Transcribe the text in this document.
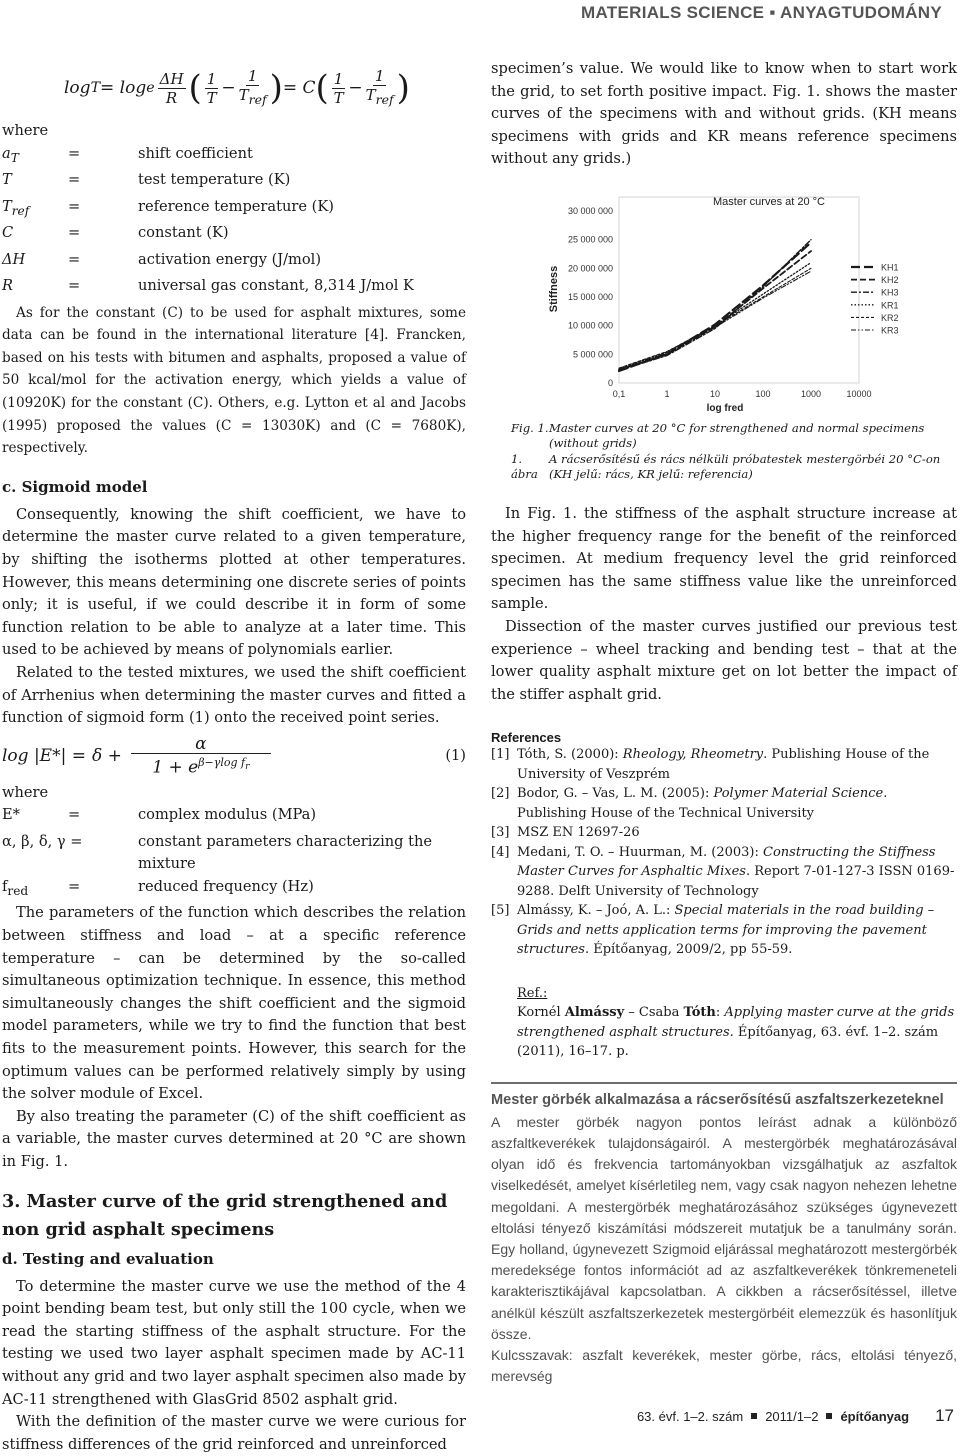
MATERIALS SCIENCE ▪ ANYAGTUDOMÁNY
log T = log e $\frac{\Delta H}{R}$ ( $\frac{1}{T} - \frac{1}{T_{ref}}$ ) = C ( $\frac{1}{T} - \frac{1}{T_{ref}}$ )
where
$a_T$	=	shift coefficient
T	=	test temperature (K)
$T_{ref}$	=	reference temperature (K)
C	=	constant (K)
ΔH	=	activation energy (J/mol)
R	=	universal gas constant, 8,314 J/mol K
As for the constant (C) to be used for asphalt mixtures, some data can be found in the international literature [4]. Francken, based on his tests with bitumen and asphalts, proposed a value of 50 kcal/mol for the activation energy, which yields a value of (10920K) for the constant (C). Others, e.g. Lytton et al and Jacobs (1995) proposed the values (C = 13030K) and (C = 7680K), respectively.
c. Sigmoid model
Consequently, knowing the shift coefficient, we have to determine the master curve related to a given temperature, by shifting the isotherms plotted at other temperatures. However, this means determining one discrete series of points only; it is useful, if we could describe it in form of some function relation to be able to analyze at a later time. This used to be achieved by means of polynomials earlier.
Related to the tested mixtures, we used the shift coefficient of Arrhenius when determining the master curves and fitted a function of sigmoid form (1) onto the received point series.
$\log |E*| = \delta + \frac{\alpha}{1 + e^{\beta-\gamma log f_r}}$	(1)
where
E*	=	complex modulus (MPa)
α, β, δ, γ =	constant parameters characterizing the mixture
$f_{red}$	=	reduced frequency (Hz)
The parameters of the function which describes the relation between stiffness and load – at a specific reference temperature – can be determined by the so-called simultaneous optimization technique. In essence, this method simultaneously changes the shift coefficient and the sigmoid model parameters, while we try to find the function that best fits to the measurement points. However, this search for the optimum values can be performed relatively simply by using the solver module of Excel.
By also treating the parameter (C) of the shift coefficient as a variable, the master curves determined at 20 °C are shown in Fig. 1.
3. Master curve of the grid strengthened and non grid asphalt specimens
d. Testing and evaluation
To determine the master curve we use the method of the 4 point bending beam test, but only still the 100 cycle, when we read the starting stiffness of the asphalt structure. For the testing we used two layer asphalt specimen made by AC-11 without any grid and two layer asphalt specimen also made by AC-11 strengthened with GlasGrid 8502 asphalt grid.
With the definition of the master curve we were curious for stiffness differences of the grid reinforced and unreinforced
specimen’s value. We would like to know when to start work the grid, to set forth positive impact. Fig. 1. shows the master curves of the specimens with and without grids. (KH means specimens with grids and KR means reference specimens without any grids.)
Master curves at 20 °C
0
5 000 000
10 000 000
15 000 000
20 000 000
25 000 000
30 000 000
0,1	1	10	100	1000	10000
Stiffness
log fred
KH1
KH2
KH3
KR1
KR2
KR3
Fig. 1. Master curves at 20 °C for strengthened and normal specimens (without grids)
1. ábra
A rácserősítésű és rács nélküli próbatestek mestergörbéi 20 °C-on (KH jelű: rács, KR jelű: referencia)
In Fig. 1. the stiffness of the asphalt structure increase at the higher frequency range for the benefit of the reinforced specimen. At medium frequency level the grid reinforced specimen has the same stiffness value like the unreinforced sample.
Dissection of the master curves justified our previous test experience – wheel tracking and bending test – that at the lower quality asphalt mixture get on lot better the impact of the stiffer asphalt grid.
References
[1] Tóth, S. (2000): Rheology, Rheometry. Publishing House of the University of Veszprém
[2] Bodor, G. – Vas, L. M. (2005): Polymer Material Science. Publishing House of the Technical University
[3] MSZ EN 12697-26
[4] Medani, T. O. – Huurman, M. (2003): Constructing the Stiffness Master Curves for Asphaltic Mixes. Report 7-01-127-3 ISSN 0169-9288. Delft University of Technology
[5] Almássy, K. – Joó, A. L.: Special materials in the road building – Grids and netts application terms for improving the pavement structures. Építőanyag, 2009/2, pp 55-59.
Ref.:
Kornél Almássy – Csaba Tóth: Applying master curve at the grids strengthened asphalt structures. Építőanyag, 63. évf. 1–2. szám (2011), 16–17. p.
Mester görbék alkalmazása a rácserősítésű aszfaltszerkezeteknel
A mester görbék nagyon pontos leírást adnak a különböző aszfaltkeverékek tulajdonságairól. A mestergörbék meghatározásával olyan idő és frekvencia tartományokban vizsgálhatjuk az aszfaltok viselkedését, amelyet kísérletileg nem, vagy csak nagyon nehezen lehetne megoldani. A mestergörbék meghatározásához szükséges úgynevezett eltolási tényező kiszámítási módszereit mutatjuk be a tanulmány során. Egy holland, úgynevezett Szigmoid eljárással meghatározott mestergörbék meredeksége fontos információt ad az aszfaltkeverékek tönkremeneteli karakterisztikájával kapcsolatban. A cikkben a rácserősítéssel, illetve anélkül készült aszfaltszerkezetek mestergörbéit elemezzük és hasonlítjuk össze.
Kulcsszavak: aszfalt keverékek, mester görbe, rács, eltolási tényező, merevség
63. évf. 1–2. szám 2011/1–2 építőanyag 17
